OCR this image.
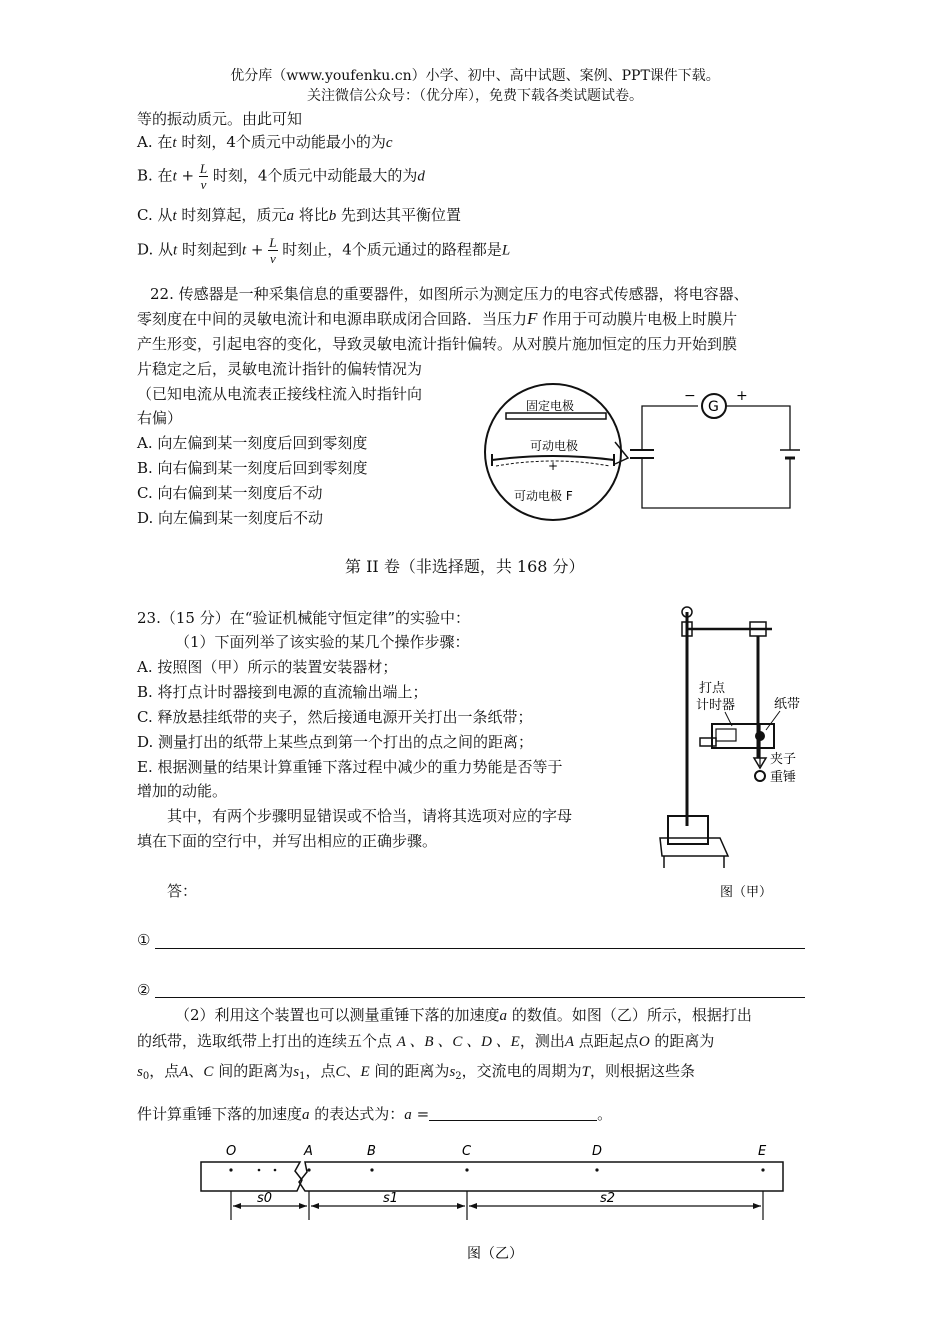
优分库（www.youfenku.cn）小学、初中、高中试题、案例、PPT课件下载。
关注微信公众号：（优分库），免费下载各类试题试卷。
等的振动质元。由此可知
A. 在t 时刻，4个质元中动能最小的为c
B. 在$t + \frac{L}{v}$ 时刻，4个质元中动能最大的为d
C. 从t 时刻算起，质元a 将比b 先到达其平衡位置
D. 从t 时刻起到$t + \frac{L}{v}$ 时刻止，4个质元通过的路程都是L
22. 传感器是一种采集信息的重要器件，如图所示为测定压力的电容式传感器，将电容器、
零刻度在中间的灵敏电流计和电源串联成闭合回路．当压力F 作用于可动膜片电极上时膜片
产生形变，引起电容的变化，导致灵敏电流计指针偏转。从对膜片施加恒定的压力开始到膜
片稳定之后，灵敏电流计指针的偏转情况为
（已知电流从电流表正接线柱流入时指针向
右偏）
A. 向左偏到某一刻度后回到零刻度
B. 向右偏到某一刻度后回到零刻度
C. 向右偏到某一刻度后不动
D. 向左偏到某一刻度后不动
固定电极
可动电极
+
可动电极 F
G
−	+
第 II 卷（非选择题，共 168 分）
23.（15 分）在“验证机械能守恒定律”的实验中：
（1）下面列举了该实验的某几个操作步骤：
A. 按照图（甲）所示的装置安装器材；
B. 将打点计时器接到电源的直流输出端上；
C. 释放悬挂纸带的夹子，然后接通电源开关打出一条纸带；
D. 测量打出的纸带上某些点到第一个打出的点之间的距离；
E. 根据测量的结果计算重锤下落过程中减少的重力势能是否等于
增加的动能。
其中，有两个步骤明显错误或不恰当，请将其选项对应的字母
填在下面的空行中，并写出相应的正确步骤。
答：
①
②
打点
计时器	纸带
夹子
重锤
图（甲）
（2）利用这个装置也可以测量重锤下落的加速度a 的数值。如图（乙）所示，根据打出
的纸带，选取纸带上打出的连续五个点 A 、B 、C 、D 、E，测出A 点距起点O 的距离为
$s_0$，点A、C 间的距离为$s_1$，点C、E 间的距离为$s_2$，交流电的周期为T，则根据这些条
件计算重锤下落的加速度a 的表达式为：a =	。
O	A	B	C	D	E
s0	s1	s2
图（乙）
